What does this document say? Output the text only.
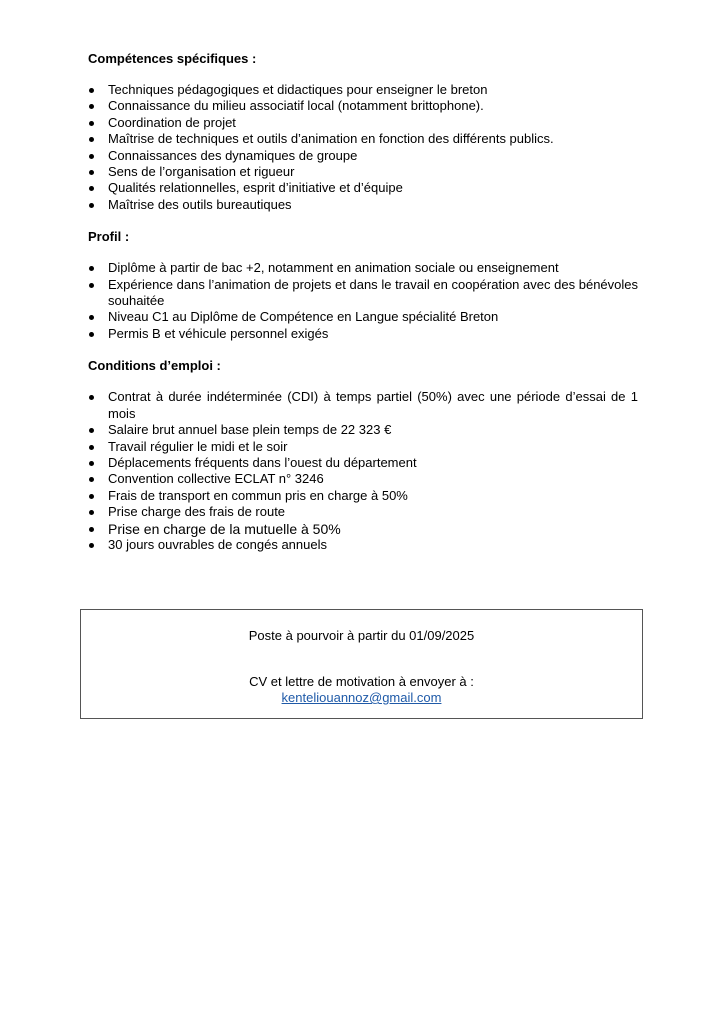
Compétences spécifiques :
Techniques pédagogiques et didactiques pour enseigner le breton
Connaissance du milieu associatif local (notamment brittophone).
Coordination de projet
Maîtrise de techniques et outils d’animation en fonction des différents publics.
Connaissances des dynamiques de groupe
Sens de l’organisation et rigueur
Qualités relationnelles, esprit d’initiative et d’équipe
Maîtrise des outils bureautiques
Profil :
Diplôme à partir de bac +2, notamment en animation sociale ou enseignement
Expérience dans l’animation de projets et dans le travail en coopération avec des bénévoles souhaitée
Niveau C1 au Diplôme de Compétence en Langue spécialité Breton
Permis B et véhicule personnel exigés
Conditions d’emploi :
Contrat à durée indéterminée (CDI) à temps partiel (50%) avec une période d’essai de 1 mois
Salaire brut annuel base plein temps de 22 323 €
Travail régulier le midi et le soir
Déplacements fréquents dans l’ouest du département
Convention collective ECLAT n° 3246
Frais de transport en commun pris en charge à 50%
Prise charge des frais de route
Prise en charge de la mutuelle à 50%
30 jours ouvrables de congés annuels
Poste à pourvoir à partir du 01/09/2025
CV et lettre de motivation à envoyer à :
kenteliouannoz@gmail.com
